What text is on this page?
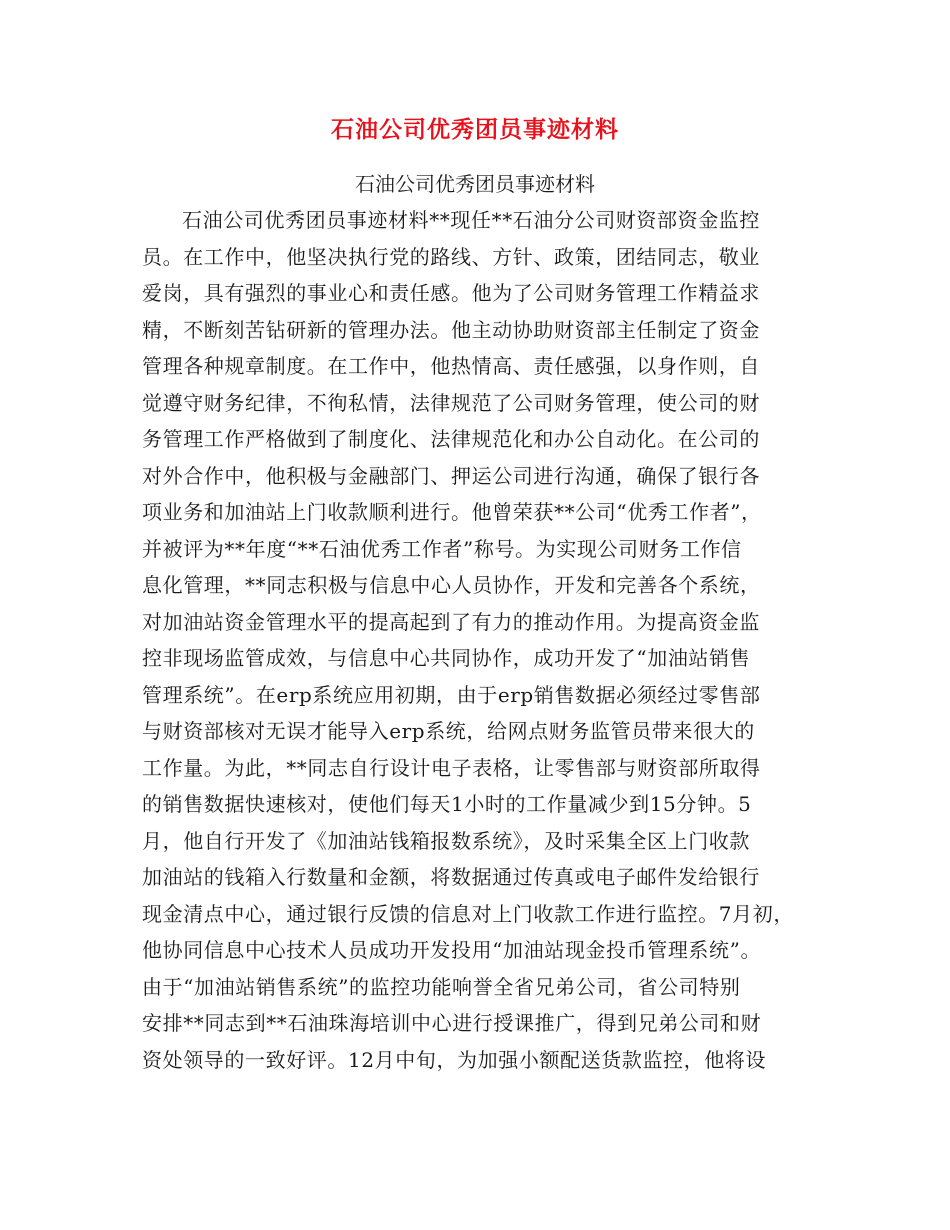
石油公司优秀团员事迹材料
石油公司优秀团员事迹材料
石油公司优秀团员事迹材料**现任**石油分公司财资部资金监控
员。在工作中，他坚决执行党的路线、方针、政策，团结同志，敬业
爱岗，具有强烈的事业心和责任感。他为了公司财务管理工作精益求
精，不断刻苦钻研新的管理办法。他主动协助财资部主任制定了资金
管理各种规章制度。在工作中，他热情高、责任感强，以身作则，自
觉遵守财务纪律，不徇私情，法律规范了公司财务管理，使公司的财
务管理工作严格做到了制度化、法律规范化和办公自动化。在公司的
对外合作中，他积极与金融部门、押运公司进行沟通，确保了银行各
项业务和加油站上门收款顺利进行。他曾荣获**公司“优秀工作者”，
并被评为**年度“**石油优秀工作者”称号。为实现公司财务工作信
息化管理，**同志积极与信息中心人员协作，开发和完善各个系统，
对加油站资金管理水平的提高起到了有力的推动作用。为提高资金监
控非现场监管成效，与信息中心共同协作，成功开发了“加油站销售
管理系统”。在erp系统应用初期，由于erp销售数据必须经过零售部
与财资部核对无误才能导入erp系统，给网点财务监管员带来很大的
工作量。为此，**同志自行设计电子表格，让零售部与财资部所取得
的销售数据快速核对，使他们每天1小时的工作量减少到15分钟。5
月，他自行开发了《加油站钱箱报数系统》，及时采集全区上门收款
加油站的钱箱入行数量和金额，将数据通过传真或电子邮件发给银行
现金清点中心，通过银行反馈的信息对上门收款工作进行监控。7月初，
他协同信息中心技术人员成功开发投用“加油站现金投币管理系统”。
由于“加油站销售系统”的监控功能响誉全省兄弟公司，省公司特别
安排**同志到**石油珠海培训中心进行授课推广，得到兄弟公司和财
资处领导的一致好评。12月中旬，为加强小额配送货款监控，他将设
